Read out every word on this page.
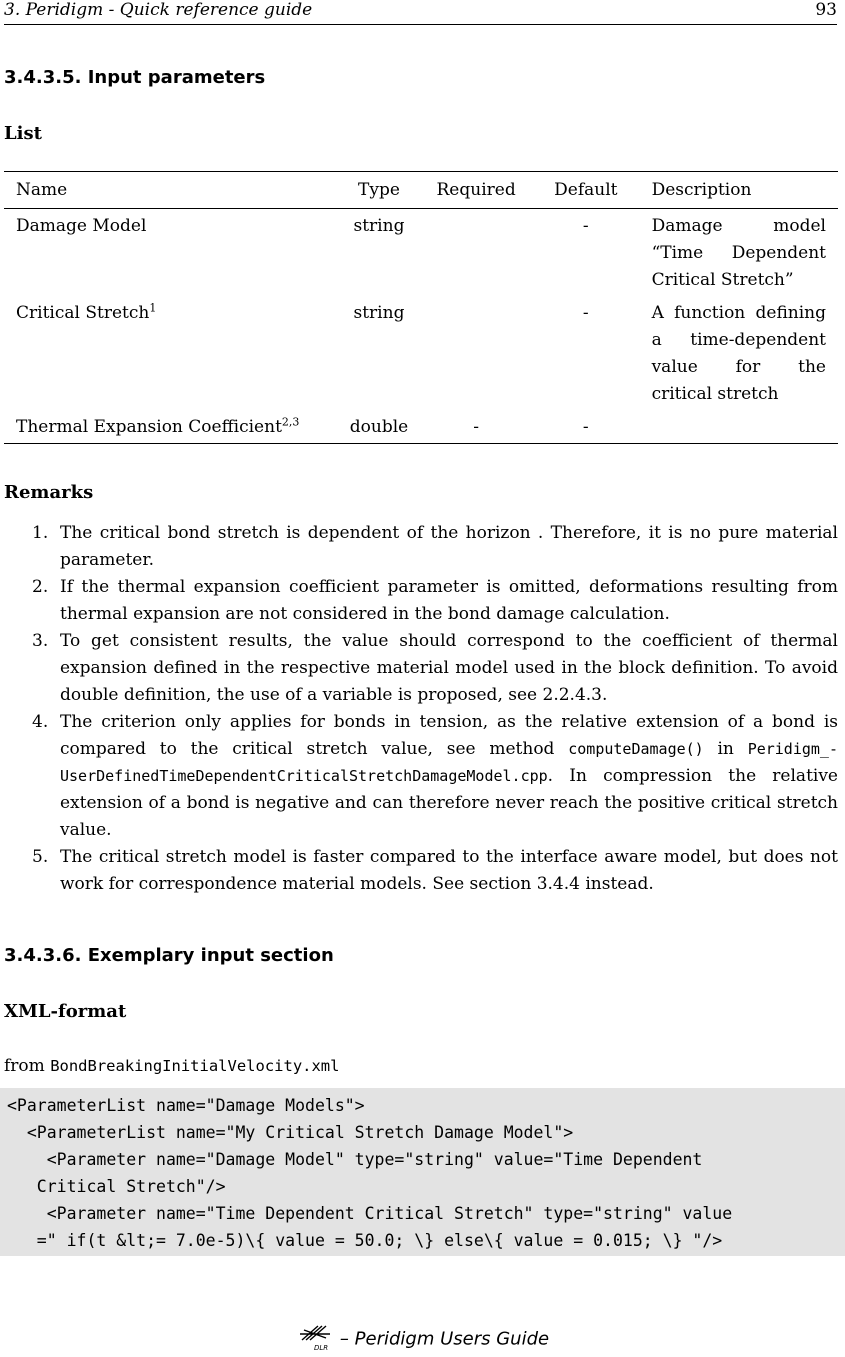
3. Peridigm - Quick reference guide	93
3.4.3.5. Input parameters
List
Name	Type	Required	Default	Description
Damage Model	string		-	Damage model “Time Dependent Critical Stretch”
Critical Stretch$^1$	string		-	A function defining a time-dependent value for the critical stretch
Thermal Expansion Coefficient$^{2,3}$	double	-	-	
Remarks
1. The critical bond stretch is dependent of the horizon . Therefore, it is no pure material parameter.
2. If the thermal expansion coefficient parameter is omitted, deformations resulting from thermal expansion are not considered in the bond damage calculation.
3. To get consistent results, the value should correspond to the coefficient of thermal expansion defined in the respective material model used in the block definition. To avoid double definition, the use of a variable is proposed, see 2.2.4.3.
4. The criterion only applies for bonds in tension, as the relative extension of a bond is compared to the critical stretch value, see method computeDamage() in Peridigm_-UserDefinedTimeDependentCriticalStretchDamageModel.cpp. In compression the relative extension of a bond is negative and can therefore never reach the positive critical stretch value.
5. The critical stretch model is faster compared to the interface aware model, but does not work for correspondence material models. See section 3.4.4 instead.
3.4.3.6. Exemplary input section
XML-format
from BondBreakingInitialVelocity.xml
<ParameterList name="Damage Models">
<ParameterList name="My Critical Stretch Damage Model">
<Parameter name="Damage Model" type="string" value="Time Dependent
Critical Stretch"/>
<Parameter name="Time Dependent Critical Stretch" type="string" value
=" if(t &lt;= 7.0e-5)\{ value = 50.0; \} else\{ value = 0.015; \} "/>
DLR – Peridigm Users Guide
